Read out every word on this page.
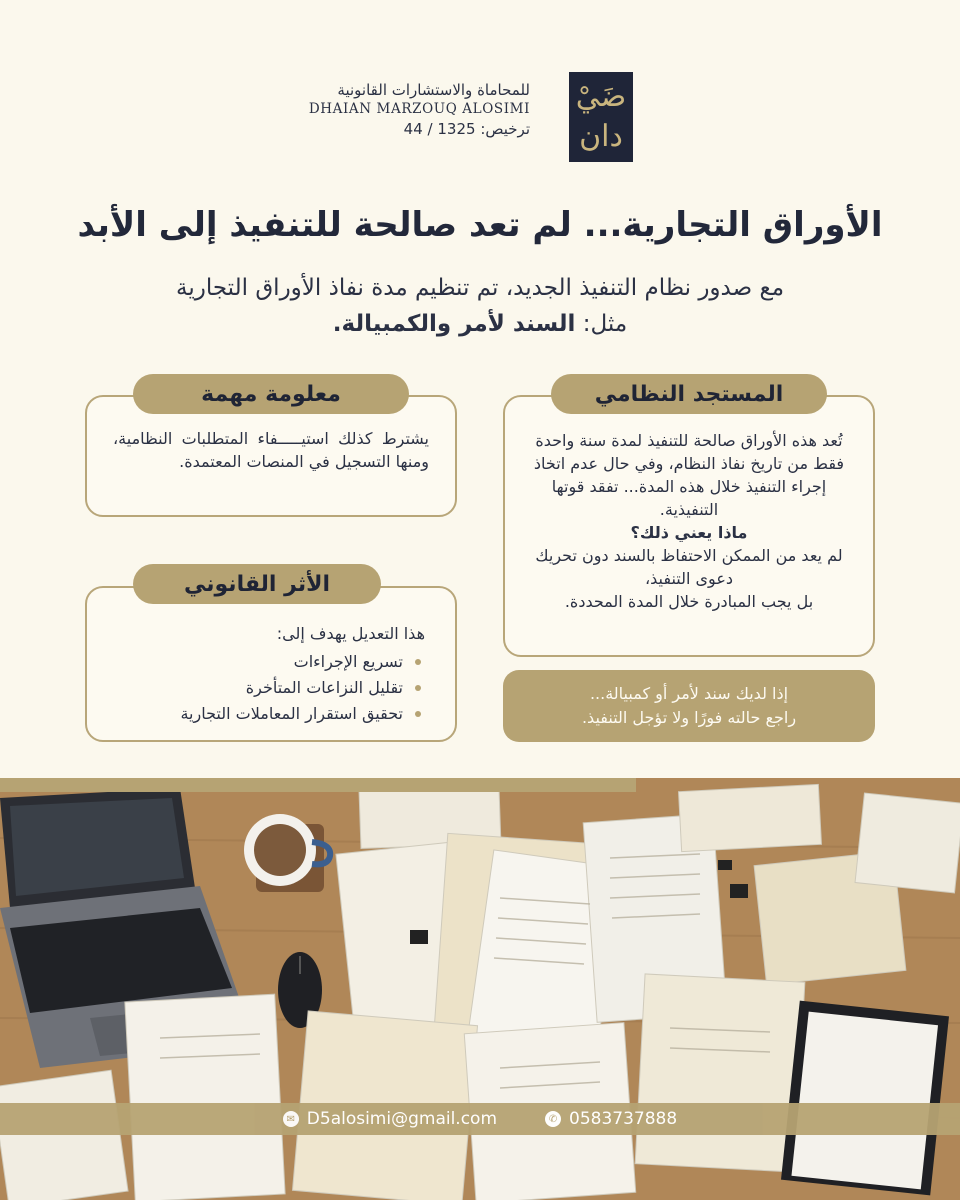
ضَيْ
دان
للمحاماة والاستشارات القانونية
DHAIAN MARZOUQ ALOSIMI
ترخيص: 1325 / 44
الأوراق التجارية... لم تعد صالحة للتنفيذ إلى الأبد
مع صدور نظام التنفيذ الجديد، تم تنظيم مدة نفاذ الأوراق التجارية
مثل: السند لأمر والكمبيالة.
تُعد هذه الأوراق صالحة للتنفيذ لمدة سنة واحدة فقط من تاريخ نفاذ النظام، وفي حال عدم اتخاذ إجراء التنفيذ خلال هذه المدة... تفقد قوتها التنفيذية.
ماذا يعني ذلك؟
لم يعد من الممكن الاحتفاظ بالسند دون تحريك دعوى التنفيذ،
بل يجب المبادرة خلال المدة المحددة.
المستجد النظامي
يشترط كذلك استيـــــفاء المتطلبات النظامية، ومنها التسجيل في المنصات المعتمدة.
معلومة مهمة
هذا التعديل يهدف إلى:
تسريع الإجراءات
تقليل النزاعات المتأخرة
تحقيق استقرار المعاملات التجارية
الأثر القانوني
إذا لديك سند لأمر أو كمبيالة...
راجع حالته فورًا ولا تؤجل التنفيذ.
✉ D5alosimi@gmail.com	✆ 0583737888
